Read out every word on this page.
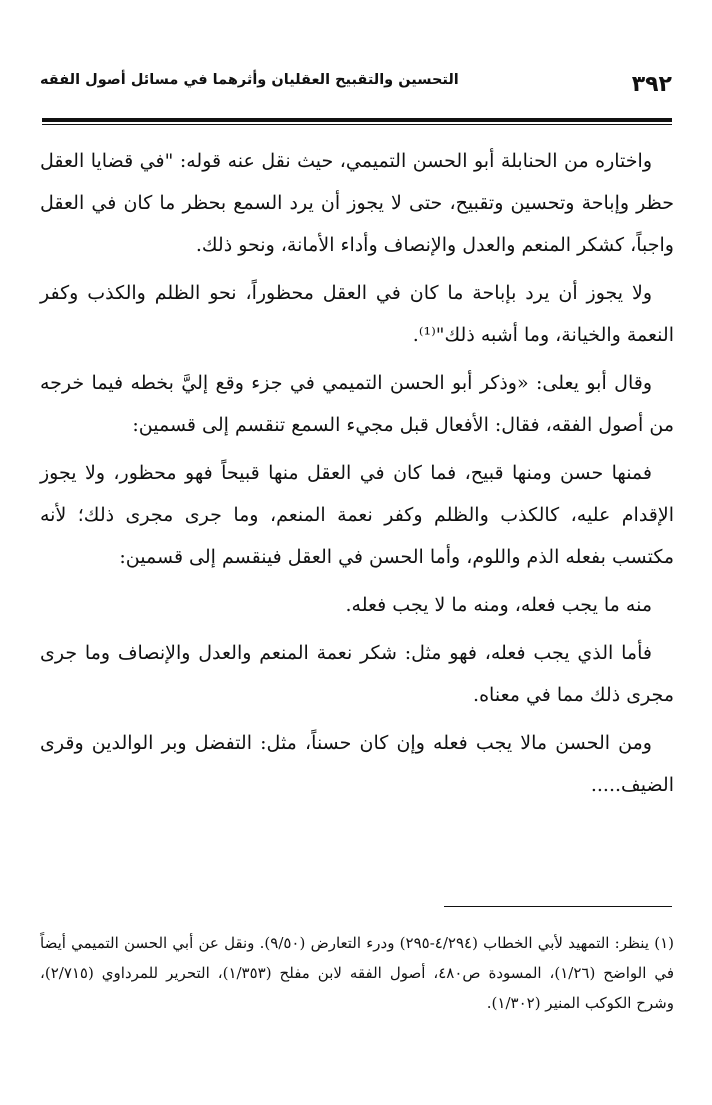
٣٩٢
التحسين والتقبيح العقليان وأثرهما في مسائل أصول الفقه

واختاره من الحنابلة أبو الحسن التميمي، حيث نقل عنه قوله: "في قضايا العقل حظر وإباحة وتحسين وتقبيح، حتى لا يجوز أن يرد السمع بحظر ما كان في العقل واجباً، كشكر المنعم والعدل والإنصاف وأداء الأمانة، ونحو ذلك.

ولا يجوز أن يرد بإباحة ما كان في العقل محظوراً، نحو الظلم والكذب وكفر النعمة والخيانة، وما أشبه ذلك"⁽¹⁾.

وقال أبو يعلى: «وذكر أبو الحسن التميمي في جزء وقع إليَّ بخطه فيما خرجه من أصول الفقه، فقال: الأفعال قبل مجيء السمع تنقسم إلى قسمين:

فمنها حسن ومنها قبيح، فما كان في العقل منها قبيحاً فهو محظور، ولا يجوز الإقدام عليه، كالكذب والظلم وكفر نعمة المنعم، وما جرى مجرى ذلك؛ لأنه مكتسب بفعله الذم واللوم، وأما الحسن في العقل فينقسم إلى قسمين:

منه ما يجب فعله، ومنه ما لا يجب فعله.

فأما الذي يجب فعله، فهو مثل: شكر نعمة المنعم والعدل والإنصاف وما جرى مجرى ذلك مما في معناه.

ومن الحسن مالا يجب فعله وإن كان حسناً، مثل: التفضل وبر الوالدين وقرى الضيف.....

(١) ينظر: التمهيد لأبي الخطاب (٤/٢٩٤-٢٩٥) ودرء التعارض (٩/٥٠). ونقل عن أبي الحسن التميمي أيضاً في الواضح (١/٢٦)، المسودة ص٤٨٠، أصول الفقه لابن مفلح (١/٣٥٣)، التحرير للمرداوي (٢/٧١٥)، وشرح الكوكب المنير (١/٣٠٢).
